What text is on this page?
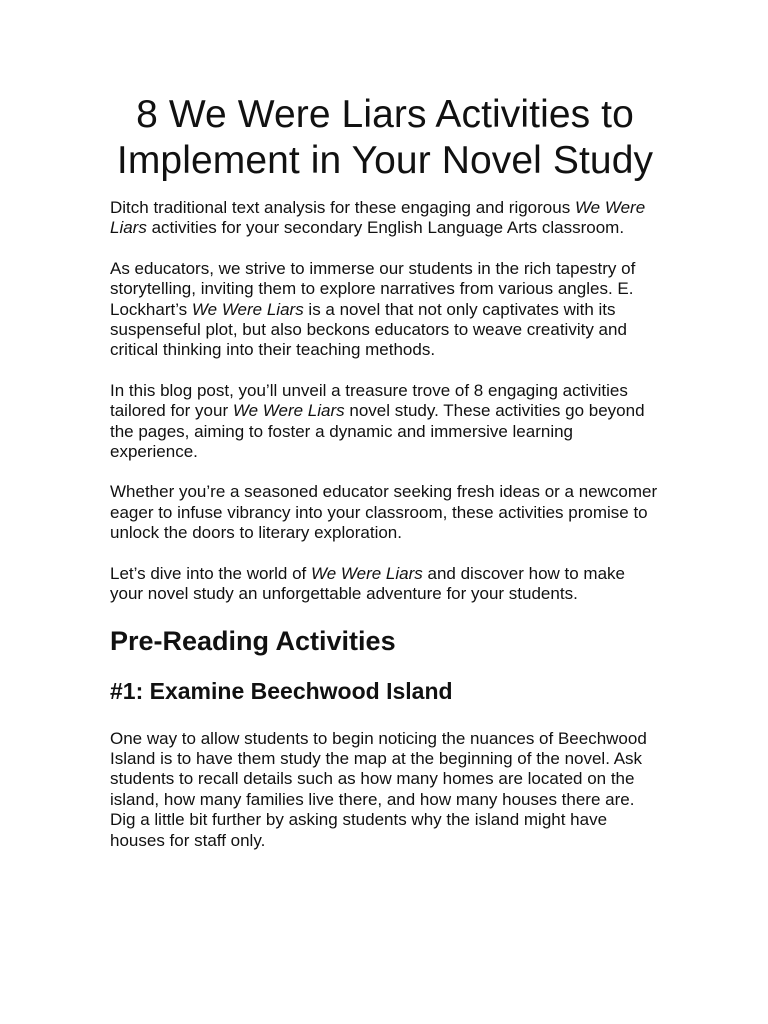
8 We Were Liars Activities to Implement in Your Novel Study

Ditch traditional text analysis for these engaging and rigorous We Were Liars activities for your secondary English Language Arts classroom.

As educators, we strive to immerse our students in the rich tapestry of storytelling, inviting them to explore narratives from various angles. E. Lockhart’s We Were Liars is a novel that not only captivates with its suspenseful plot, but also beckons educators to weave creativity and critical thinking into their teaching methods.

In this blog post, you’ll unveil a treasure trove of 8 engaging activities tailored for your We Were Liars novel study. These activities go beyond the pages, aiming to foster a dynamic and immersive learning experience.

Whether you’re a seasoned educator seeking fresh ideas or a newcomer eager to infuse vibrancy into your classroom, these activities promise to unlock the doors to literary exploration.

Let’s dive into the world of We Were Liars and discover how to make your novel study an unforgettable adventure for your students.

Pre-Reading Activities
#1: Examine Beechwood Island

One way to allow students to begin noticing the nuances of Beechwood Island is to have them study the map at the beginning of the novel. Ask students to recall details such as how many homes are located on the island, how many families live there, and how many houses there are. Dig a little bit further by asking students why the island might have houses for staff only.
